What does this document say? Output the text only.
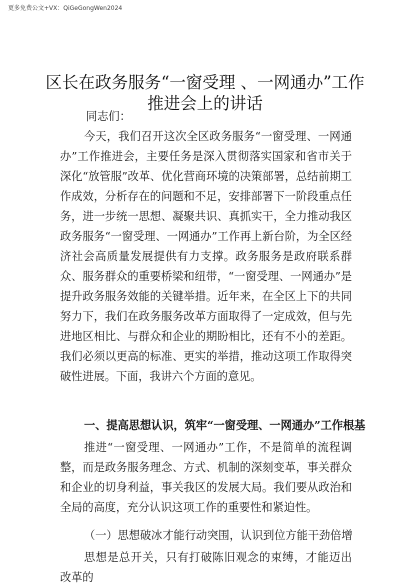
更多免费公文+VX：QiGeGongWen2024
区长在政务服务“一窗受理 、一网通办”工作
推进会上的讲话
同志们：
今天，我们召开这次全区政务服务“一窗受理、一网通办”工作推进会，主要任务是深入贯彻落实国家和省市关于深化“放管服”改革、优化营商环境的决策部署，总结前期工作成效，分析存在的问题和不足，安排部署下一阶段重点任务，进一步统一思想、凝聚共识、真抓实干，全力推动我区政务服务“一窗受理、一网通办”工作再上新台阶，为全区经济社会高质量发展提供有力支撑。政务服务是政府联系群众、服务群众的重要桥梁和纽带，“一窗受理、一网通办”是提升政务服务效能的关键举措。近年来，在全区上下的共同努力下，我们在政务服务改革方面取得了一定成效，但与先进地区相比、与群众和企业的期盼相比，还有不小的差距。我们必须以更高的标准、更实的举措，推动这项工作取得突破性进展。下面，我讲六个方面的意见。
一、提高思想认识，筑牢“一窗受理、一网通办”工作根基
推进“一窗受理、一网通办”工作，不是简单的流程调整，而是政务服务理念、方式、机制的深刻变革，事关群众和企业的切身利益，事关我区的发展大局。我们要从政治和全局的高度，充分认识这项工作的重要性和紧迫性。
（一）思想破冰才能行动突围，认识到位方能干劲倍增
思想是总开关，只有打破陈旧观念的束缚，才能迈出改革的
